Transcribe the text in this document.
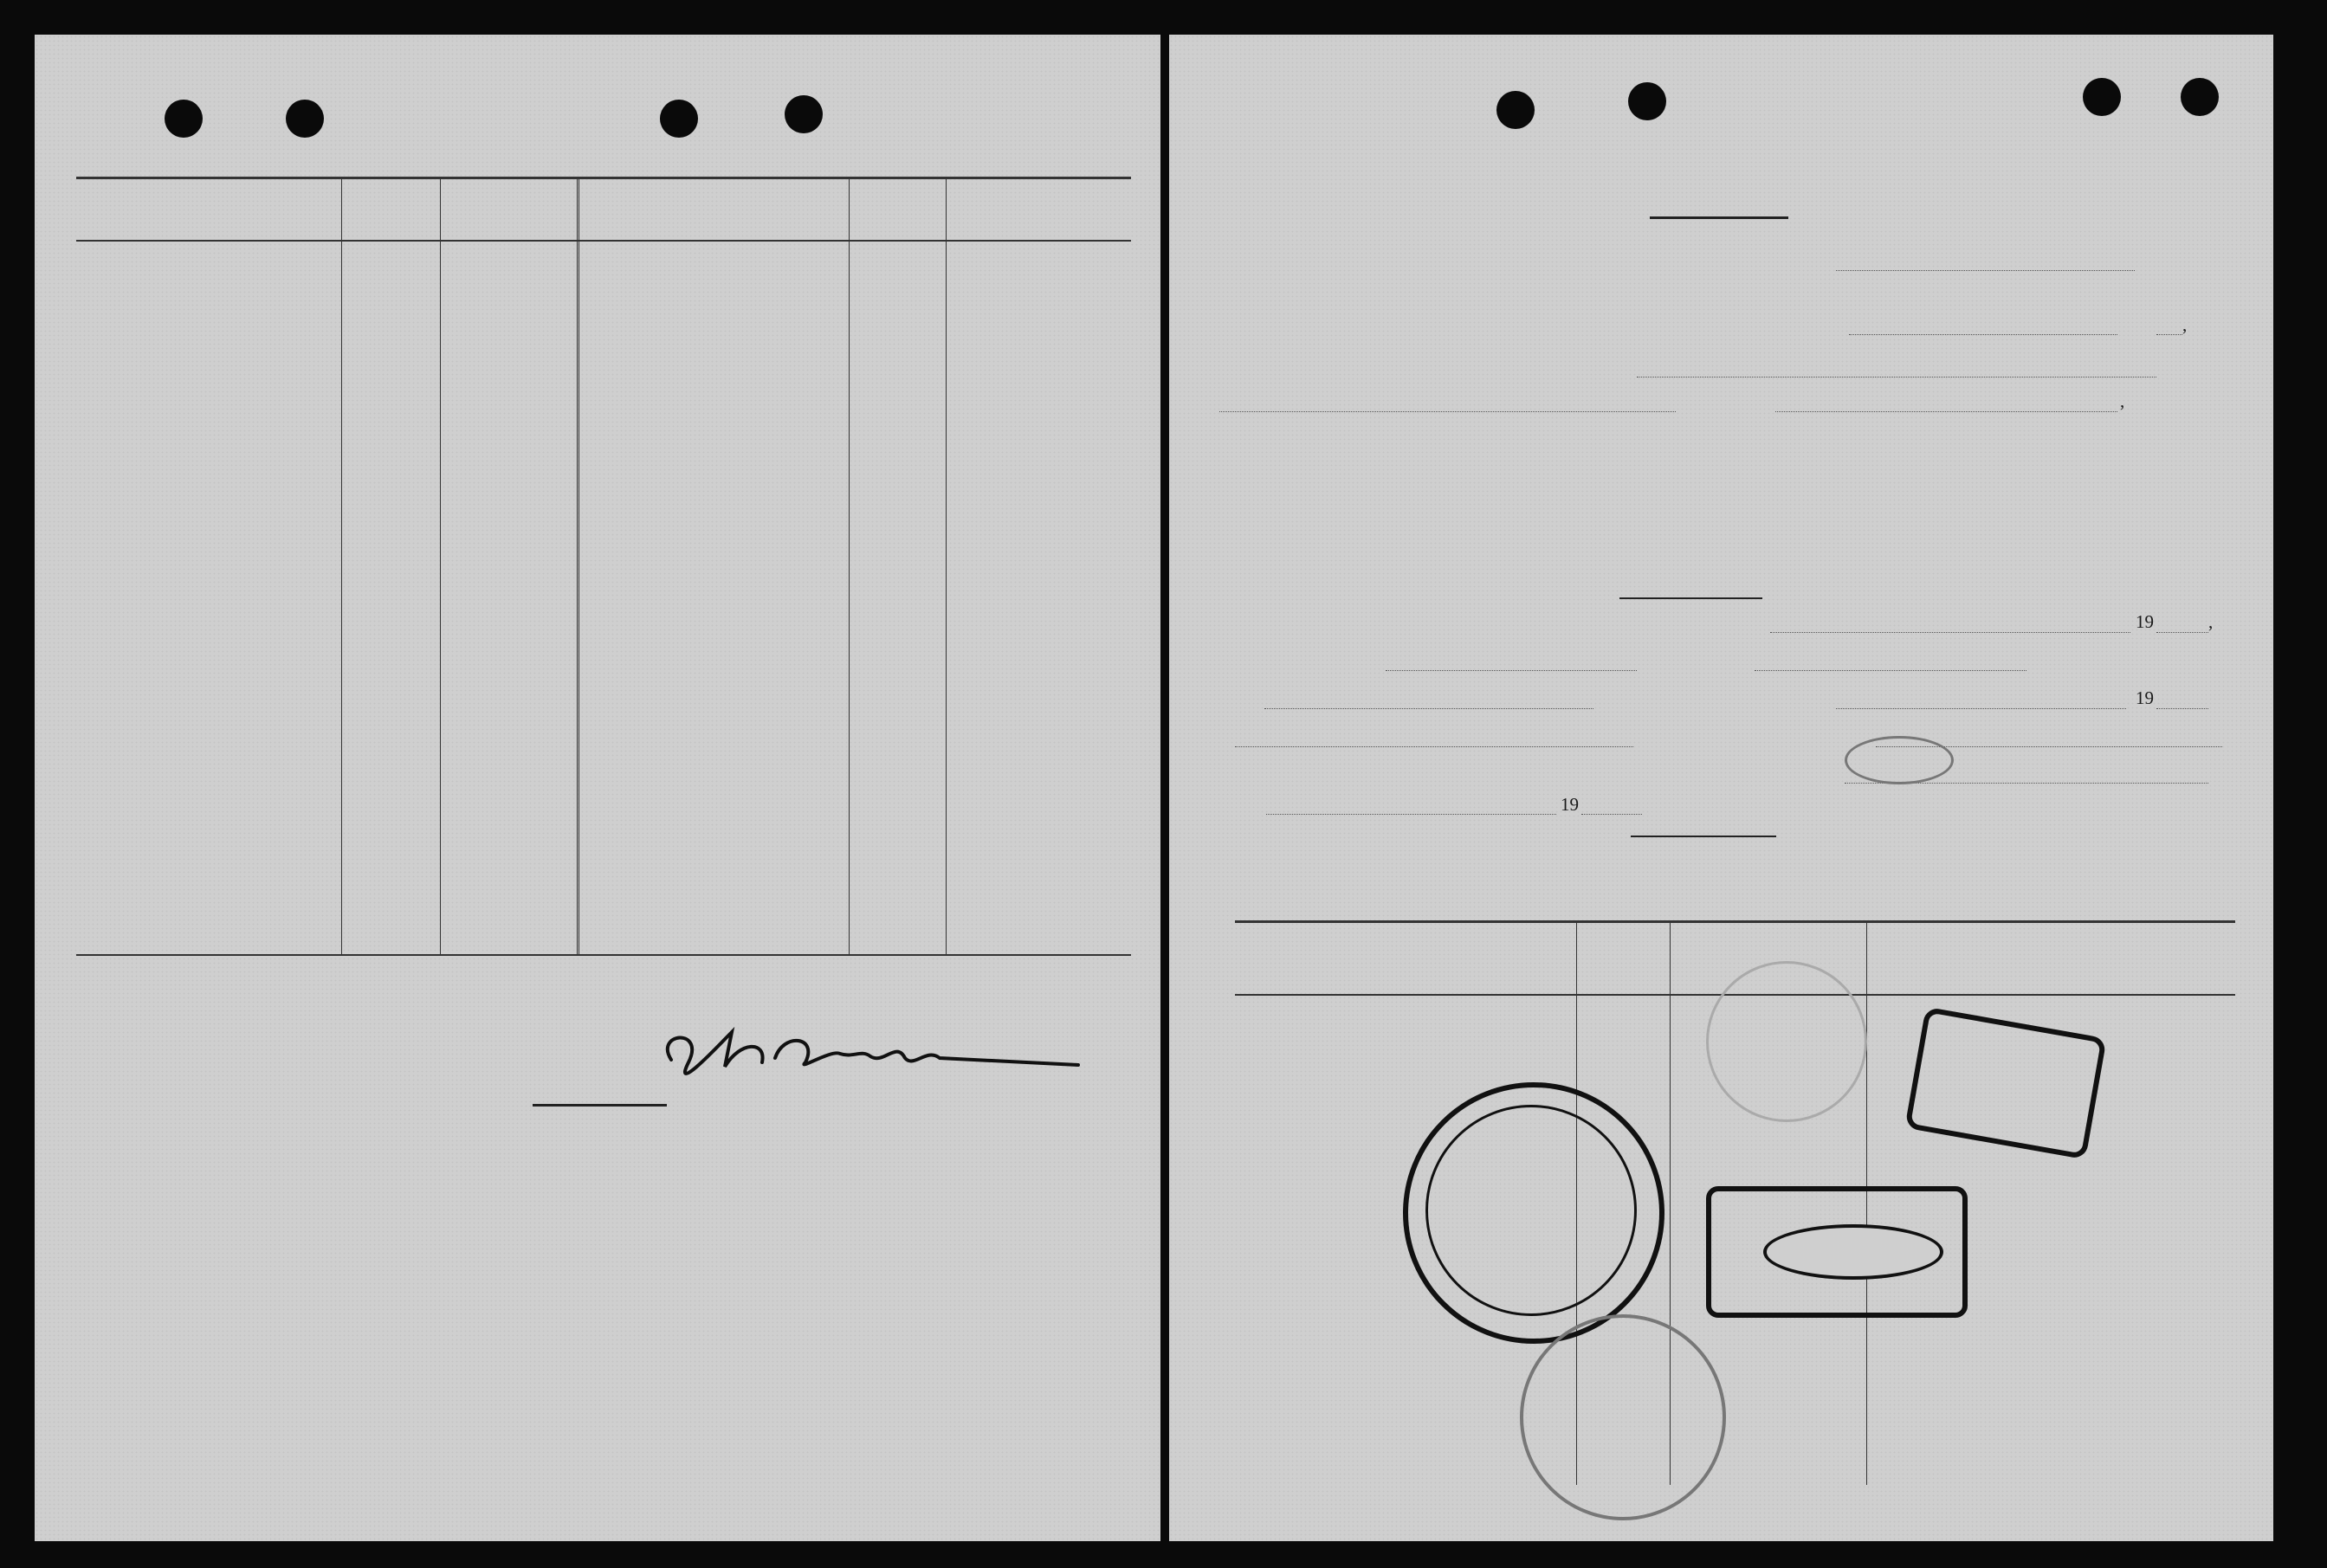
,
,
19	,
19
19
